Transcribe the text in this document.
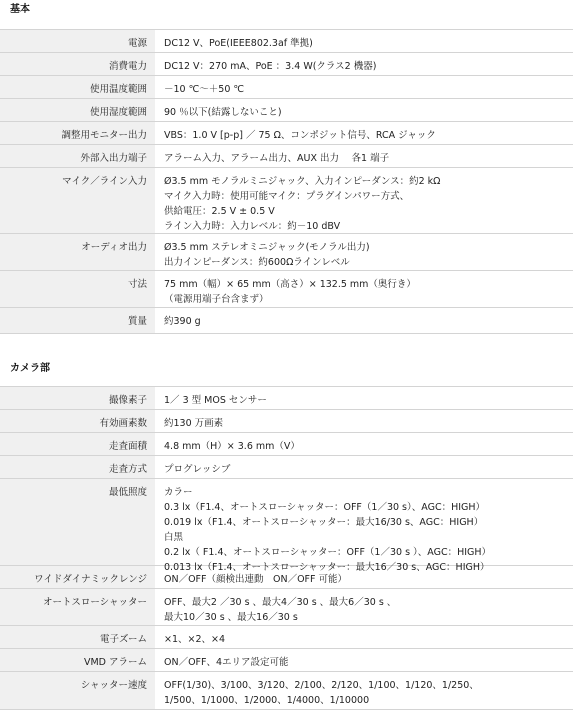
基本
電源	DC12 V、PoE(IEEE802.3af 準拠)
消費電力	DC12 V：270 mA、PoE ：3.4 W(クラス2 機器)
使用温度範囲	－10 ℃～＋50 ℃
使用湿度範囲	90 ％以下(結露しないこと)
調整用モニター出力	VBS：1.0 V [p-p] ／ 75 Ω、コンポジット信号、RCA ジャック
外部入出力端子	アラーム入力、アラーム出力、AUX 出力　 各1 端子
マイク／ライン入力	Ø3.5 mm モノラルミニジャック、入力インピーダンス：約2 kΩ
マイク入力時：使用可能マイク：プラグインパワー方式、
供給電圧：2.5 V ± 0.5 V
ライン入力時：入力レベル：約－10 dBV
オーディオ出力	Ø3.5 mm ステレオミニジャック(モノラル出力)
出力インピーダンス：約600Ωラインレベル
寸法	75 mm（幅）× 65 mm（高さ）× 132.5 mm（奥行き）
（電源用端子台含まず）
質量	約390 g
カメラ部
撮像素子	1／ 3 型 MOS センサー
有効画素数	約130 万画素
走査面積	4.8 mm（H）× 3.6 mm（V）
走査方式	プログレッシブ
最低照度	カラー
0.3 lx（F1.4、オートスローシャッター：OFF（1／30 s）、AGC：HIGH）
0.019 lx（F1.4、オートスローシャッター：最大16/30 s、AGC：HIGH）
白黒
0.2 lx（ F1.4、オートスローシャッター：OFF（1／30 s ）、AGC：HIGH）
0.013 lx（F1.4、オートスローシャッター：最大16／30 s、AGC：HIGH）
ワイドダイナミックレンジ	ON／OFF（顔検出連動　ON／OFF 可能）
オートスローシャッター	OFF、最大2 ／30 s 、最大4／30 s 、最大6／30 s 、
最大10／30 s 、最大16／30 s
電子ズーム	×1、×2、×4
VMD アラーム	ON／OFF、4エリア設定可能
シャッター速度	OFF(1/30)、3/100、3/120、2/100、2/120、1/100、1/120、1/250、
1/500、1/1000、1/2000、1/4000、1/10000
